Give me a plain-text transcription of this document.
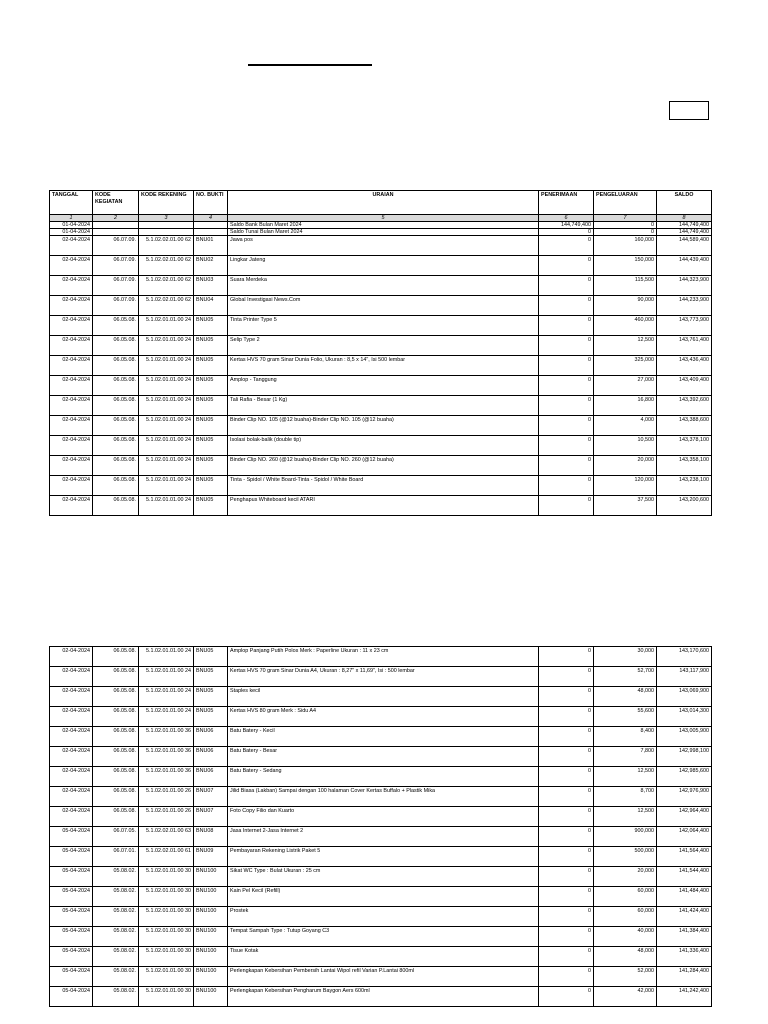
TANGGAL	KODE KEGIATAN	KODE REKENING	NO. BUKTI	URAIAN	PENERIMAAN	PENGELUARAN	SALDO
1	2	3	4	5	6	7	8
01-04-2024				Saldo Bank Bulan Maret 2024	144,749,400	0	144,749,400
01-04-2024				Saldo Tunai Bulan Maret 2024	0	0	144,749,400
02-04-2024	06.07.09.	5.1.02.02.01.00 62	BNU01	Jawa pos	0	160,000	144,589,400
02-04-2024	06.07.09.	5.1.02.02.01.00 62	BNU02	Lingkar Jateng	0	150,000	144,439,400
02-04-2024	06.07.09.	5.1.02.02.01.00 62	BNU03	Suara Merdeka	0	115,500	144,323,900
02-04-2024	06.07.09.	5.1.02.02.01.00 62	BNU04	Global Investigasi News.Com	0	90,000	144,233,900
02-04-2024	06.05.08.	5.1.02.01.01.00 24	BNU05	Tinta Printer Type 5	0	460,000	143,773,900
02-04-2024	06.05.08.	5.1.02.01.01.00 24	BNU05	Selip Type 2	0	12,500	143,761,400
02-04-2024	06.05.08.	5.1.02.01.01.00 24	BNU05	Kertas HVS 70 gram Sinar Dunia Folio, Ukuran : 8,5 x 14", Isi 500 lembar	0	325,000	143,436,400
02-04-2024	06.05.08.	5.1.02.01.01.00 24	BNU05	Amplop - Tanggung	0	27,000	143,409,400
02-04-2024	06.05.08.	5.1.02.01.01.00 24	BNU05	Tali Rafia - Besar (1 Kg)	0	16,800	143,392,600
02-04-2024	06.05.08.	5.1.02.01.01.00 24	BNU05	Binder Clip NO. 105 (@12 buaha)-Binder Clip NO. 105 (@12 buaha)	0	4,000	143,388,600
02-04-2024	06.05.08.	5.1.02.01.01.00 24	BNU05	Isolasi bolak-balik (double tip)	0	10,500	143,378,100
02-04-2024	06.05.08.	5.1.02.01.01.00 24	BNU05	Binder Clip NO. 260 (@12 buaha)-Binder Clip NO. 260 (@12 buaha)	0	20,000	143,358,100
02-04-2024	06.05.08.	5.1.02.01.01.00 24	BNU05	Tinta - Spidol / White Board-Tinta - Spidol / White Board	0	120,000	143,238,100
02-04-2024	06.05.08.	5.1.02.01.01.00 24	BNU05	Penghapus Whiteboard kecil ATARI	0	37,500	143,200,600
02-04-2024	06.05.08.	5.1.02.01.01.00 24	BNU05	Amplop Panjang Putih Polos Merk : Paperline Ukuran : 11 x 23 cm	0	30,000	143,170,600
02-04-2024	06.05.08.	5.1.02.01.01.00 24	BNU05	Kertas HVS 70 gram Sinar Dunia A4, Ukuran : 8,27" x 11,69", Isi : 500 lembar	0	52,700	143,117,900
02-04-2024	06.05.08.	5.1.02.01.01.00 24	BNU05	Staples kecil	0	48,000	143,069,900
02-04-2024	06.05.08.	5.1.02.01.01.00 24	BNU05	Kertas HVS 80 gram Merk : Sidu A4	0	55,600	143,014,300
02-04-2024	06.05.08.	5.1.02.01.01.00 36	BNU06	Batu Batery - Kecil	0	8,400	143,005,900
02-04-2024	06.05.08.	5.1.02.01.01.00 36	BNU06	Batu Batery - Besar	0	7,800	142,998,100
02-04-2024	06.05.08.	5.1.02.01.01.00 36	BNU06	Batu Batery - Sedang	0	12,500	142,985,600
02-04-2024	06.05.08.	5.1.02.01.01.00 26	BNU07	Jilid Biasa (Lakban) Sampai dengan 100 halaman Cover Kertas Buffalo + Plastik Mika	0	8,700	142,976,900
02-04-2024	06.05.08.	5.1.02.01.01.00 26	BNU07	Foto Copy Filio dan Kuarto	0	12,500	142,964,400
05-04-2024	06.07.05.	5.1.02.02.01.00 63	BNU08	Jasa Internet 2-Jasa Internet 2	0	900,000	142,064,400
05-04-2024	06.07.01.	5.1.02.02.01.00 61	BNU09	Pembayaran Rekening Listrik Paket 5	0	500,000	141,564,400
05-04-2024	05.08.02.	5.1.02.01.01.00 30	BNU100	Sikat WC Type : Bulat Ukuran : 25 cm	0	20,000	141,544,400
05-04-2024	05.08.02.	5.1.02.01.01.00 30	BNU100	Kain Pel Kecil (Refill)	0	60,000	141,484,400
05-04-2024	05.08.02.	5.1.02.01.01.00 30	BNU100	Prostek	0	60,000	141,424,400
05-04-2024	05.08.02.	5.1.02.01.01.00 30	BNU100	Tempat Sampah Type : Tutup Goyang C3	0	40,000	141,384,400
05-04-2024	05.08.02.	5.1.02.01.01.00 30	BNU100	Tisue Kotak	0	48,000	141,336,400
05-04-2024	05.08.02.	5.1.02.01.01.00 30	BNU100	Perlengkapan Kebersihan Pembersih Lantai Wipol refil Varian P.Lantai 800ml	0	52,000	141,284,400
05-04-2024	05.08.02.	5.1.02.01.01.00 30	BNU100	Perlengkapan Kebersihan Pengharum Baygon Aers 600ml	0	42,000	141,242,400
